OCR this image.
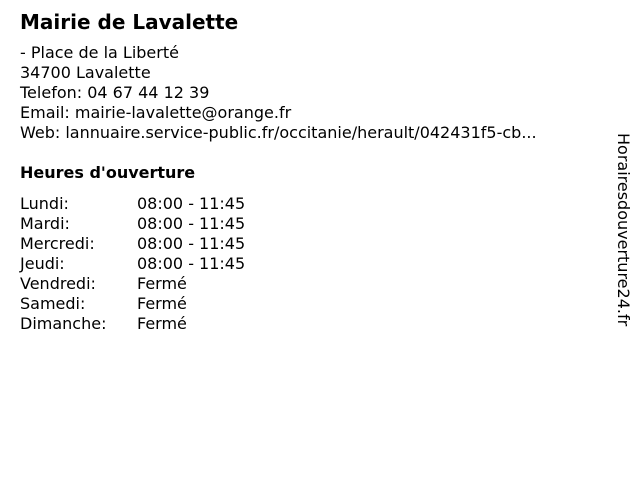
Mairie de Lavalette
- Place de la Liberté
34700 Lavalette
Telefon: 04 67 44 12 39
Email: mairie-lavalette@orange.fr
Web: lannuaire.service-public.fr/occitanie/herault/042431f5-cb...
Heures d'ouverture
Lundi:	08:00 - 11:45
Mardi:	08:00 - 11:45
Mercredi:	08:00 - 11:45
Jeudi:	08:00 - 11:45
Vendredi:	Fermé
Samedi:	Fermé
Dimanche:	Fermé	Horairesdouverture24.fr
